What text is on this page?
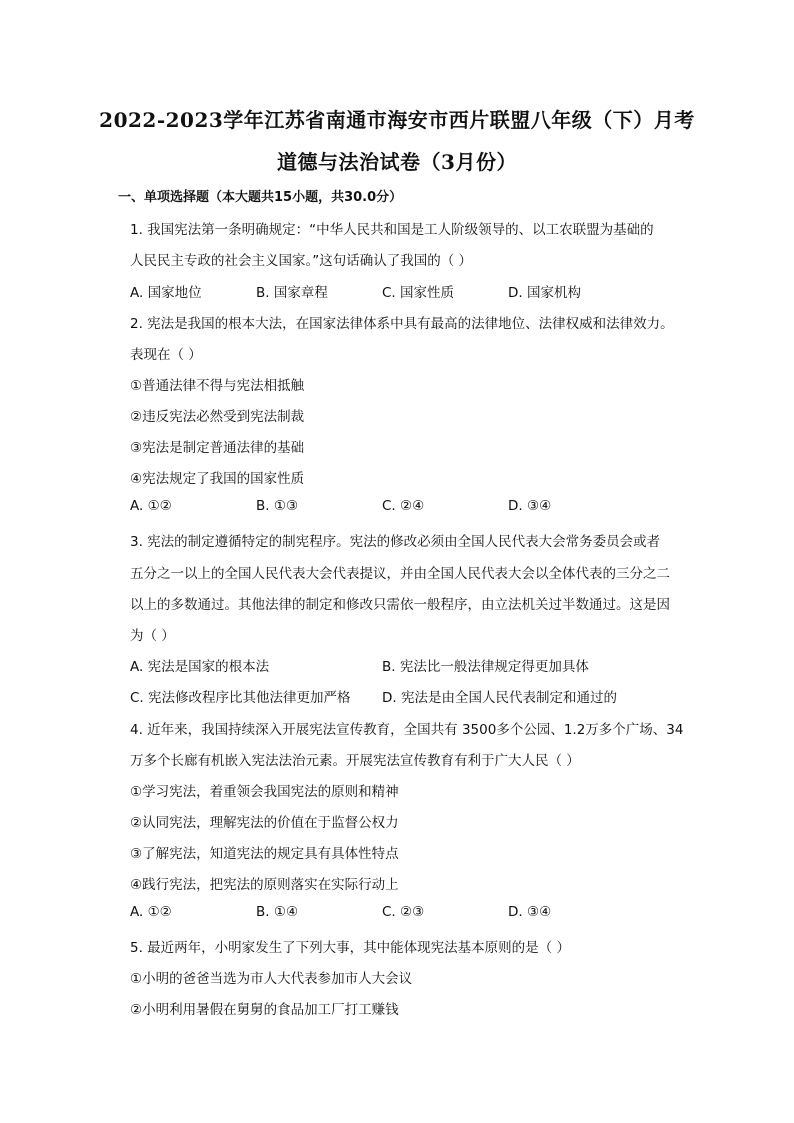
2022-2023学年江苏省南通市海安市西片联盟八年级（下）月考
道德与法治试卷（3月份）
一、单项选择题（本大题共15小题，共30.0分）
1. 我国宪法第一条明确规定：“中华人民共和国是工人阶级领导的、以工农联盟为基础的
人民民主专政的社会主义国家。”这句话确认了我国的（ ）
A. 国家地位	B. 国家章程	C. 国家性质	D. 国家机构
2. 宪法是我国的根本大法，在国家法律体系中具有最高的法律地位、法律权威和法律效力。
表现在（ ）
①普通法律不得与宪法相抵触
②违反宪法必然受到宪法制裁
③宪法是制定普通法律的基础
④宪法规定了我国的国家性质
A. ①②	B. ①③	C. ②④	D. ③④
3. 宪法的制定遵循特定的制宪程序。宪法的修改必须由全国人民代表大会常务委员会或者
五分之一以上的全国人民代表大会代表提议，并由全国人民代表大会以全体代表的三分之二
以上的多数通过。其他法律的制定和修改只需依一般程序，由立法机关过半数通过。这是因
为（ ）
A. 宪法是国家的根本法	B. 宪法比一般法律规定得更加具体
C. 宪法修改程序比其他法律更加严格 D. 宪法是由全国人民代表制定和通过的
4. 近年来，我国持续深入开展宪法宣传教育，全国共有 3500多个公园、1.2万多个广场、34
万多个长廊有机嵌入宪法法治元素。开展宪法宣传教育有利于广大人民（ ）
①学习宪法，着重领会我国宪法的原则和精神
②认同宪法，理解宪法的价值在于监督公权力
③了解宪法，知道宪法的规定具有具体性特点
④践行宪法，把宪法的原则落实在实际行动上
A. ①②	B. ①④	C. ②③	D. ③④
5. 最近两年，小明家发生了下列大事，其中能体现宪法基本原则的是（ ）
①小明的爸爸当选为市人大代表参加市人大会议
②小明利用暑假在舅舅的食品加工厂打工赚钱
